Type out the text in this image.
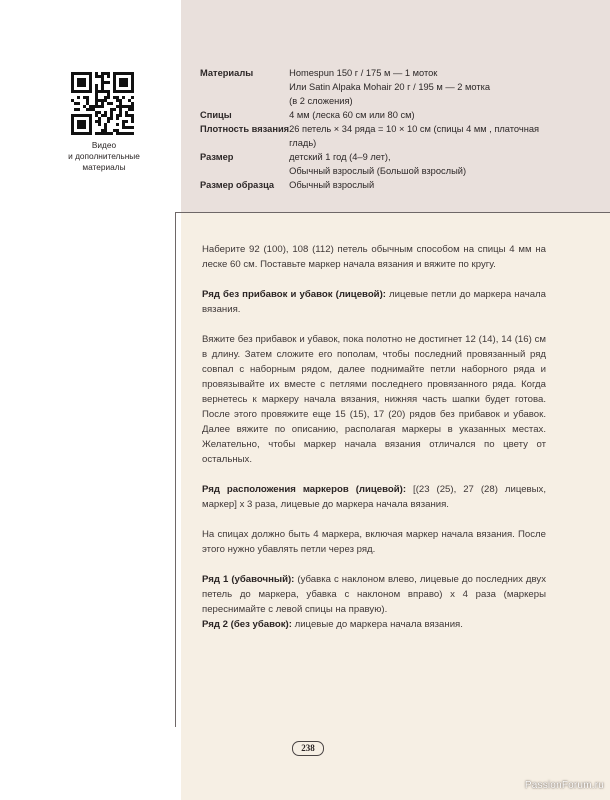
Видео
и дополнительные
материалы
Материалы	Homespun 150 г / 175 м — 1 моток
Или Satin Alpaka Mohair 20 г / 195 м — 2 мотка
(в 2 сложения)

Спицы	4 мм (леска 60 см или 80 см)

Плотность вязания	26 петель × 34 ряда = 10 × 10 см (спицы 4 мм , платочная
гладь)

Размер	детский 1 год (4–9 лет),
Обычный взрослый (Большой взрослый)

Размер образца	Обычный взрослый

Наберите 92 (100), 108 (112) петель обычным способом на спицы 4 мм на леске 60 см. Поставьте маркер начала вязания и вяжите по кругу.

Ряд без прибавок и убавок (лицевой): лицевые петли до маркера начала вязания.

Вяжите без прибавок и убавок, пока полотно не достигнет 12 (14), 14 (16) см в длину. Затем сложите его пополам, чтобы последний провязанный ряд совпал с наборным рядом, далее поднимайте петли наборного ряда и провязывайте их вместе с петлями последнего провязанного ряда. Когда вернетесь к маркеру начала вязания, нижняя часть шапки будет готова. После этого провяжите еще 15 (15), 17 (20) рядов без прибавок и убавок. Далее вяжите по описанию, располагая маркеры в указанных местах. Желательно, чтобы маркер начала вязания отличался по цвету от остальных.

Ряд расположения маркеров (лицевой): [(23 (25), 27 (28) лицевых, маркер] х 3 раза, лицевые до маркера начала вязания.

На спицах должно быть 4 маркера, включая маркер начала вязания. После этого нужно убавлять петли через ряд.

Ряд 1 (убавочный): (убавка с наклоном влево, лицевые до последних двух петель до маркера, убавка с наклоном вправо) х 4 раза (маркеры переснимайте с левой спицы на правую).

Ряд 2 (без убавок): лицевые до маркера начала вязания.

238
PassionForum.ru
